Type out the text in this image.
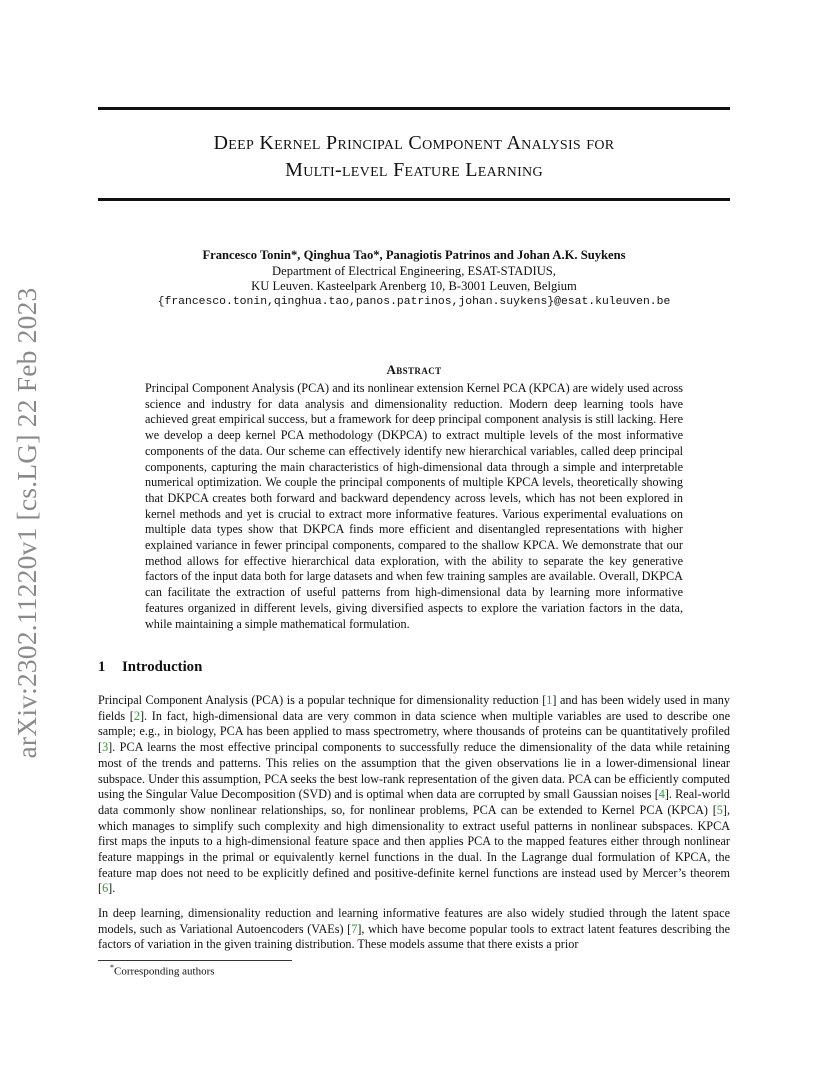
Deep Kernel Principal Component Analysis for
Multi-level Feature Learning
arXiv:2302.11220v1 [cs.LG] 22 Feb 2023
Francesco Tonin*, Qinghua Tao*, Panagiotis Patrinos and Johan A.K. Suykens
Department of Electrical Engineering, ESAT-STADIUS,
KU Leuven. Kasteelpark Arenberg 10, B-3001 Leuven, Belgium
{francesco.tonin,qinghua.tao,panos.patrinos,johan.suykens}@esat.kuleuven.be
Abstract
Principal Component Analysis (PCA) and its nonlinear extension Kernel PCA (KPCA) are widely used across science and industry for data analysis and dimensionality reduction. Modern deep learning tools have achieved great empirical success, but a framework for deep principal component analysis is still lacking. Here we develop a deep kernel PCA methodology (DKPCA) to extract multiple levels of the most informative components of the data. Our scheme can effectively identify new hierarchical variables, called deep principal components, capturing the main characteristics of high-dimensional data through a simple and interpretable numerical optimization. We couple the principal components of multiple KPCA levels, theoretically showing that DKPCA creates both forward and backward dependency across levels, which has not been explored in kernel methods and yet is crucial to extract more informative features. Various experimental evaluations on multiple data types show that DKPCA finds more efficient and disentangled representations with higher explained variance in fewer principal components, compared to the shallow KPCA. We demonstrate that our method allows for effective hierarchical data exploration, with the ability to separate the key generative factors of the input data both for large datasets and when few training samples are available. Overall, DKPCA can facilitate the extraction of useful patterns from high-dimensional data by learning more informative features organized in different levels, giving diversified aspects to explore the variation factors in the data, while maintaining a simple mathematical formulation.
1 Introduction

Principal Component Analysis (PCA) is a popular technique for dimensionality reduction [1] and has been widely used in many fields [2]. In fact, high-dimensional data are very common in data science when multiple variables are used to describe one sample; e.g., in biology, PCA has been applied to mass spectrometry, where thousands of proteins can be quantitatively profiled [3]. PCA learns the most effective principal components to successfully reduce the dimensionality of the data while retaining most of the trends and patterns. This relies on the assumption that the given observations lie in a lower-dimensional linear subspace. Under this assumption, PCA seeks the best low-rank representation of the given data. PCA can be efficiently computed using the Singular Value Decomposition (SVD) and is optimal when data are corrupted by small Gaussian noises [4]. Real-world data commonly show nonlinear relationships, so, for nonlinear problems, PCA can be extended to Kernel PCA (KPCA) [5], which manages to simplify such complexity and high dimensionality to extract useful patterns in nonlinear subspaces. KPCA first maps the inputs to a high-dimensional feature space and then applies PCA to the mapped features either through nonlinear feature mappings in the primal or equivalently kernel functions in the dual. In the Lagrange dual formulation of KPCA, the feature map does not need to be explicitly defined and positive-definite kernel functions are instead used by Mercer’s theorem [6].

In deep learning, dimensionality reduction and learning informative features are also widely studied through the latent space models, such as Variational Autoencoders (VAEs) [7], which have become popular tools to extract latent features describing the factors of variation in the given training distribution. These models assume that there exists a prior

*Corresponding authors
